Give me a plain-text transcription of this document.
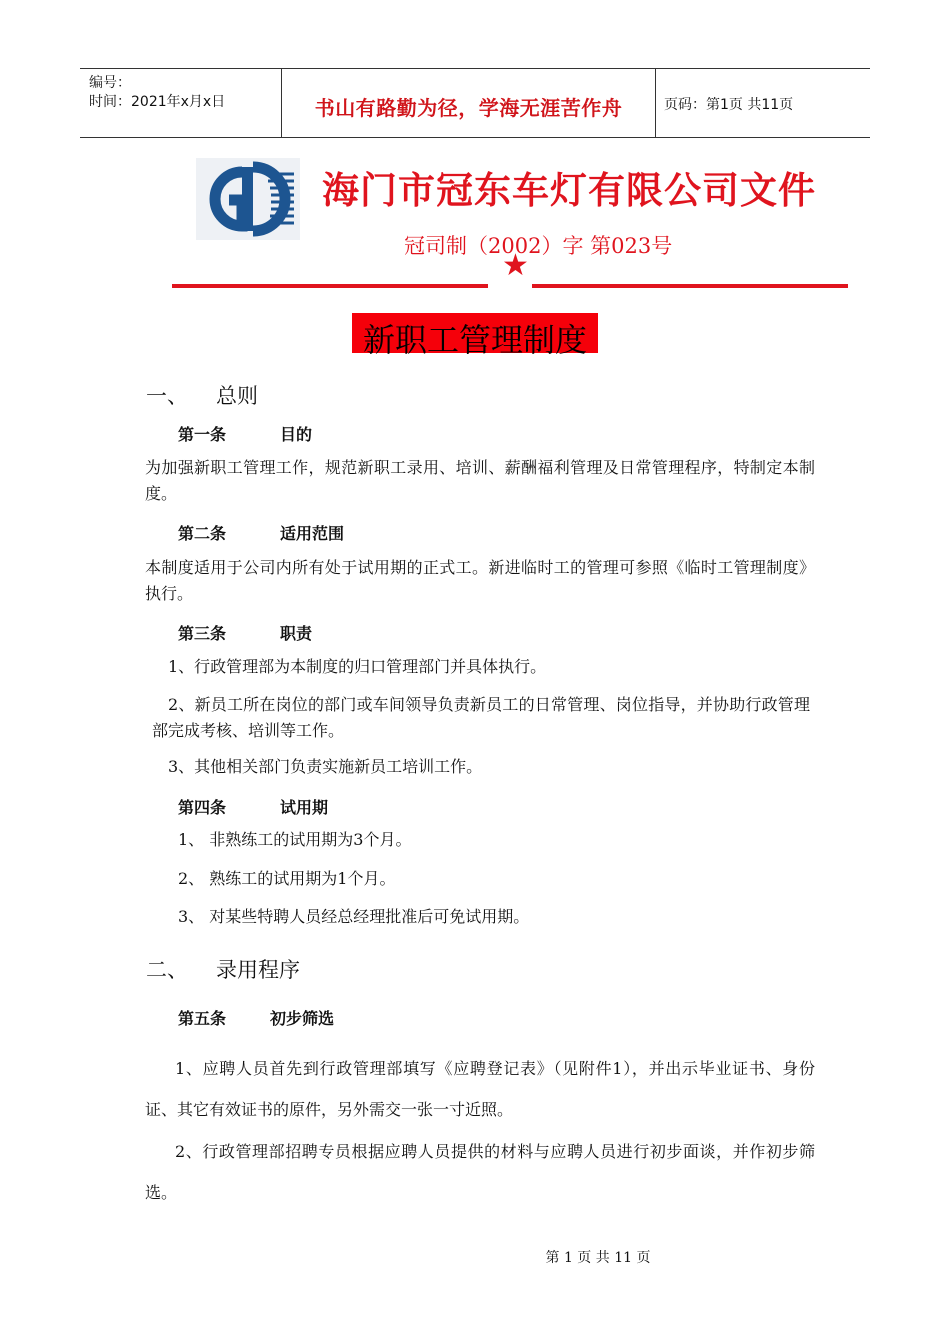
编号：
时间：2021年x月x日	书山有路勤为径，学海无涯苦作舟	页码：第1页 共11页
海门市冠东车灯有限公司文件
冠司制（2002）字 第023号
★
新职工管理制度
一、 总则
第一条	目的
为加强新职工管理工作，规范新职工录用、培训、薪酬福利管理及日常管理程序，特制定本制度。
第二条	适用范围
本制度适用于公司内所有处于试用期的正式工。新进临时工的管理可参照《临时工管理制度》执行。
第三条	职责
1、行政管理部为本制度的归口管理部门并具体执行。
2、新员工所在岗位的部门或车间领导负责新员工的日常管理、岗位指导，并协助行政管理部完成考核、培训等工作。
3、其他相关部门负责实施新员工培训工作。
第四条	试用期
1、 非熟练工的试用期为3个月。
2、 熟练工的试用期为1个月。
3、 对某些特聘人员经总经理批准后可免试用期。
二、 录用程序
第五条	初步筛选
1、应聘人员首先到行政管理部填写《应聘登记表》（见附件1），并出示毕业证书、身份证、其它有效证书的原件，另外需交一张一寸近照。
2、行政管理部招聘专员根据应聘人员提供的材料与应聘人员进行初步面谈，并作初步筛选。
第 1 页 共 11 页
